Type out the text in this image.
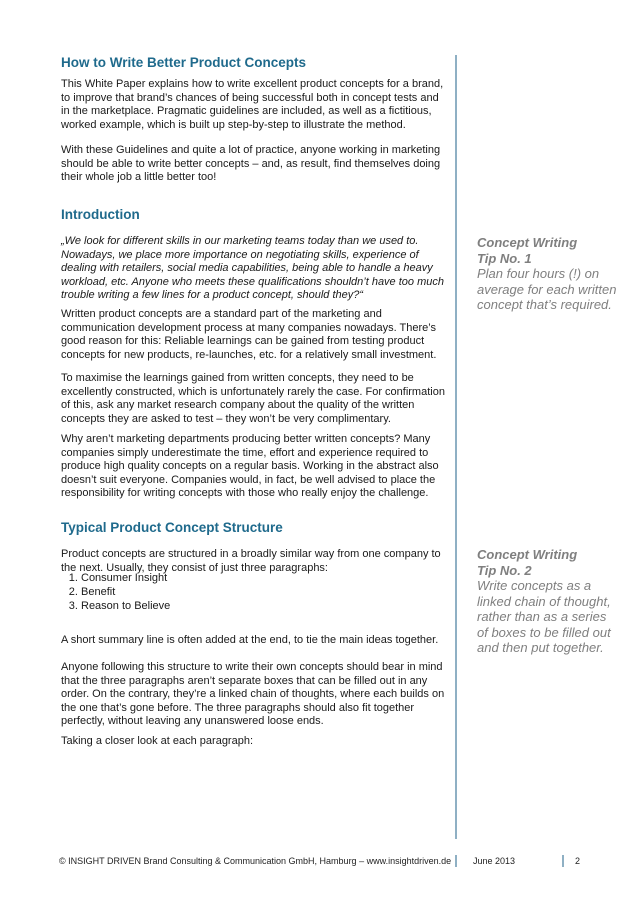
How to Write Better Product Concepts

This White Paper explains how to write excellent product concepts for a brand, to improve that brand’s chances of being successful both in concept tests and in the marketplace. Pragmatic guidelines are included, as well as a fictitious, worked example, which is built up step-by-step to illustrate the method.

With these Guidelines and quite a lot of practice, anyone working in marketing should be able to write better concepts – and, as result, find themselves doing their whole job a little better too!

Introduction

„We look for different skills in our marketing teams today than we used to. Nowadays, we place more importance on negotiating skills, experience of dealing with retailers, social media capabilities, being able to handle a heavy workload, etc. Anyone who meets these qualifications shouldn’t have too much trouble writing a few lines for a product concept, should they?“

Written product concepts are a standard part of the marketing and communication development process at many companies nowadays. There’s good reason for this: Reliable learnings can be gained from testing product concepts for new products, re-launches, etc. for a relatively small investment.

To maximise the learnings gained from written concepts, they need to be excellently constructed, which is unfortunately rarely the case. For confirmation of this, ask any market research company about the quality of the written concepts they are asked to test – they won’t be very complimentary.

Why aren’t marketing departments producing better written concepts? Many companies simply underestimate the time, effort and experience required to produce high quality concepts on a regular basis. Working in the abstract also doesn’t suit everyone. Companies would, in fact, be well advised to place the responsibility for writing concepts with those who really enjoy the challenge.

Typical Product Concept Structure

Product concepts are structured in a broadly similar way from one company to the next. Usually, they consist of just three paragraphs:

1. Consumer Insight
2. Benefit
3. Reason to Believe

A short summary line is often added at the end, to tie the main ideas together.

Anyone following this structure to write their own concepts should bear in mind that the three paragraphs aren’t separate boxes that can be filled out in any order. On the contrary, they’re a linked chain of thoughts, where each builds on the one that’s gone before. The three paragraphs should also fit together perfectly, without leaving any unanswered loose ends.

Taking a closer look at each paragraph:

Concept Writing
Tip No. 1
Plan four hours (!) on average for each written concept that’s required.
Concept Writing
Tip No. 2
Write concepts as a linked chain of thought, rather than as a series of boxes to be filled out and then put together.
© INSIGHT DRIVEN Brand Consulting & Communication GmbH, Hamburg – www.insightdriven.de June 2013	2
